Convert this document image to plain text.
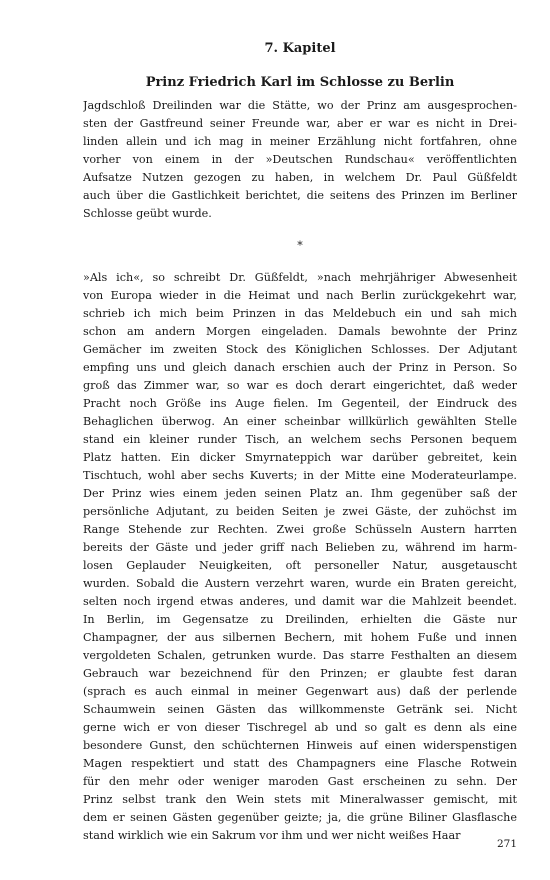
7. Kapitel
Prinz Friedrich Karl im Schlosse zu Berlin
Jagdschloß Dreilinden war die Stätte, wo der Prinz am ausgesprochen-
sten der Gastfreund seiner Freunde war, aber er war es nicht in Drei-
linden allein und ich mag in meiner Erzählung nicht fortfahren, ohne
vorher von einem in der »Deutschen Rundschau« veröffentlichten
Aufsatze Nutzen gezogen zu haben, in welchem Dr. Paul Güßfeldt
auch über die Gastlichkeit berichtet, die seitens des Prinzen im Berliner
Schlosse geübt wurde.
*
»Als ich«, so schreibt Dr. Güßfeldt, »nach mehrjähriger Abwesenheit
von Europa wieder in die Heimat und nach Berlin zurückgekehrt war,
schrieb ich mich beim Prinzen in das Meldebuch ein und sah mich
schon am andern Morgen eingeladen. Damals bewohnte der Prinz
Gemächer im zweiten Stock des Königlichen Schlosses. Der Adjutant
empfing uns und gleich danach erschien auch der Prinz in Person. So
groß das Zimmer war, so war es doch derart eingerichtet, daß weder
Pracht noch Größe ins Auge fielen. Im Gegenteil, der Eindruck des
Behaglichen überwog. An einer scheinbar willkürlich gewählten Stelle
stand ein kleiner runder Tisch, an welchem sechs Personen bequem
Platz hatten. Ein dicker Smyrnateppich war darüber gebreitet, kein
Tischtuch, wohl aber sechs Kuverts; in der Mitte eine Moderateurlampe.
Der Prinz wies einem jeden seinen Platz an. Ihm gegenüber saß der
persönliche Adjutant, zu beiden Seiten je zwei Gäste, der zuhöchst im
Range Stehende zur Rechten. Zwei große Schüsseln Austern harrten
bereits der Gäste und jeder griff nach Belieben zu, während im harm-
losen Geplauder Neuigkeiten, oft personeller Natur, ausgetauscht
wurden. Sobald die Austern verzehrt waren, wurde ein Braten gereicht,
selten noch irgend etwas anderes, und damit war die Mahlzeit beendet.
In Berlin, im Gegensatze zu Dreilinden, erhielten die Gäste nur
Champagner, der aus silbernen Bechern, mit hohem Fuße und innen
vergoldeten Schalen, getrunken wurde. Das starre Festhalten an diesem
Gebrauch war bezeichnend für den Prinzen; er glaubte fest daran
(sprach es auch einmal in meiner Gegenwart aus) daß der perlende
Schaumwein seinen Gästen das willkommenste Getränk sei. Nicht
gerne wich er von dieser Tischregel ab und so galt es denn als eine
besondere Gunst, den schüchternen Hinweis auf einen widerspenstigen
Magen respektiert und statt des Champagners eine Flasche Rotwein
für den mehr oder weniger maroden Gast erscheinen zu sehn. Der
Prinz selbst trank den Wein stets mit Mineralwasser gemischt, mit
dem er seinen Gästen gegenüber geizte; ja, die grüne Biliner Glasflasche
stand wirklich wie ein Sakrum vor ihm und wer nicht weißes Haar
271
